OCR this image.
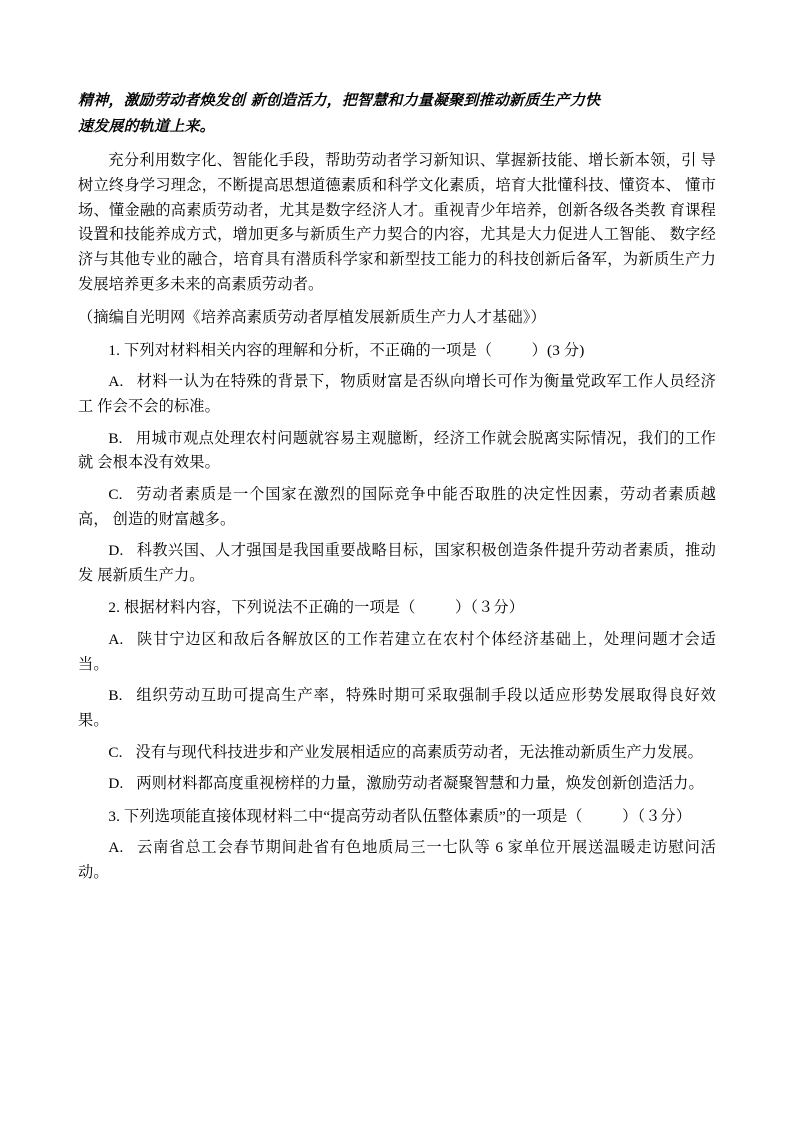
精神，激励劳动者焕发创 新创造活力，把智慧和力量凝聚到推动新质生产力快

速发展的轨道上来。

充分利用数字化、智能化手段，帮助劳动者学习新知识、掌握新技能、增长新本领，引 导树立终身学习理念，不断提高思想道德素质和科学文化素质，培育大批懂科技、懂资本、 懂市场、懂金融的高素质劳动者，尤其是数字经济人才。重视青少年培养，创新各级各类教 育课程设置和技能养成方式，增加更多与新质生产力契合的内容，尤其是大力促进人工智能、 数字经济与其他专业的融合，培育具有潜质科学家和新型技工能力的科技创新后备军，为新质生产力发展培养更多未来的高素质劳动者。

（摘编自光明网《培养高素质劳动者厚植发展新质生产力人才基础》）

1. 下列对材料相关内容的理解和分析，不正确的一项是（	）(3 分)

A. 材料一认为在特殊的背景下，物质财富是否纵向增长可作为衡量党政军工作人员经济工 作会不会的标准。

B. 用城市观点处理农村问题就容易主观臆断，经济工作就会脱离实际情况，我们的工作就 会根本没有效果。

C. 劳动者素质是一个国家在激烈的国际竞争中能否取胜的决定性因素，劳动者素质越高， 创造的财富越多。

D. 科教兴国、人才强国是我国重要战略目标，国家积极创造条件提升劳动者素质，推动发 展新质生产力。

2. 根据材料内容，下列说法不正确的一项是（	）（３分）

A. 陕甘宁边区和敌后各解放区的工作若建立在农村个体经济基础上，处理问题才会适当。

B. 组织劳动互助可提高生产率，特殊时期可采取强制手段以适应形势发展取得良好效果。

C. 没有与现代科技进步和产业发展相适应的高素质劳动者，无法推动新质生产力发展。

D. 两则材料都高度重视榜样的力量，激励劳动者凝聚智慧和力量，焕发创新创造活力。

3. 下列选项能直接体现材料二中“提高劳动者队伍整体素质”的一项是（	）（３分）

A. 云南省总工会春节期间赴省有色地质局三一七队等 6 家单位开展送温暖走访慰问活动。
